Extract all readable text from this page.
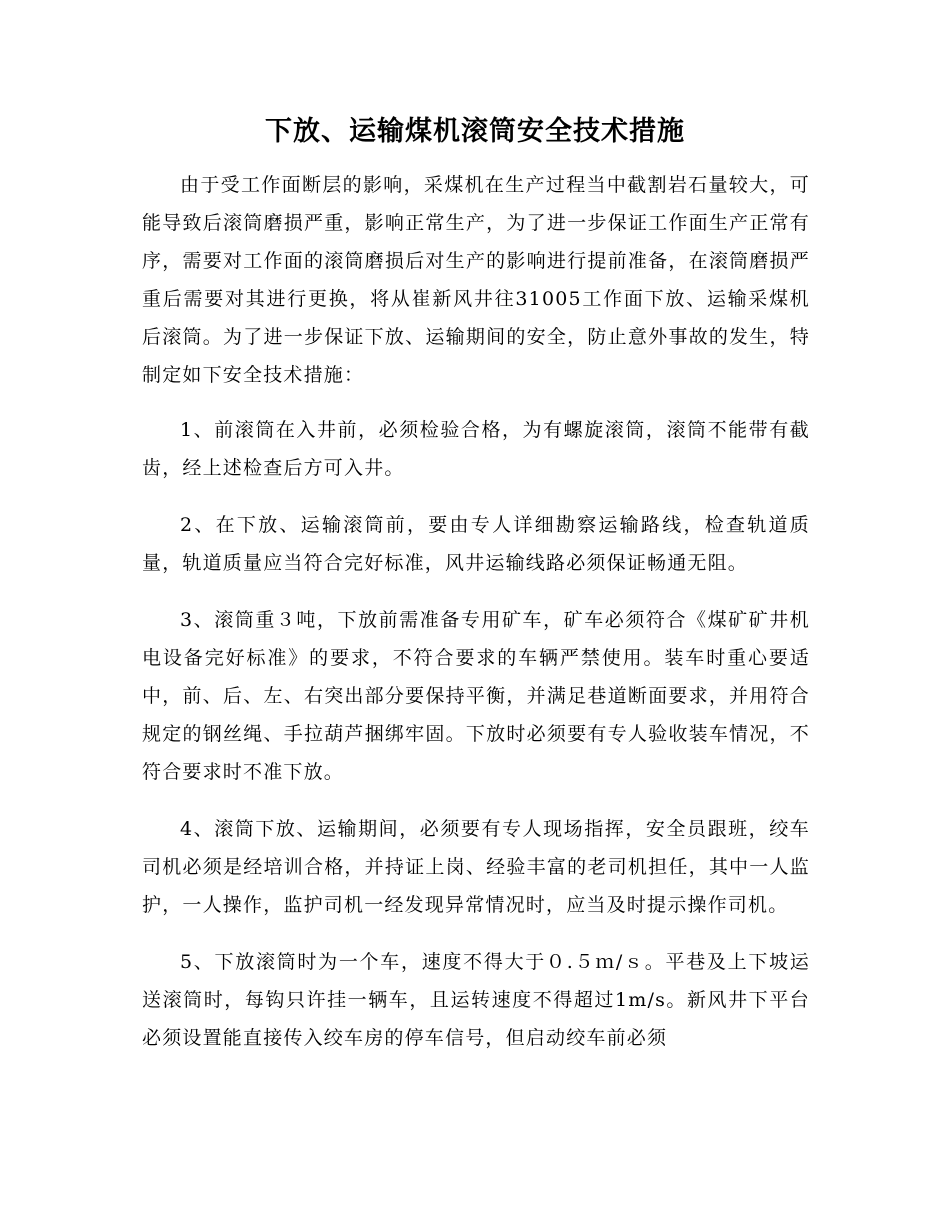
下放、运输煤机滚筒安全技术措施

由于受工作面断层的影响，采煤机在生产过程当中截割岩石量较大，可能导致后滚筒磨损严重，影响正常生产，为了进一步保证工作面生产正常有序，需要对工作面的滚筒磨损后对生产的影响进行提前准备，在滚筒磨损严重后需要对其进行更换，将从崔新风井往31005工作面下放、运输采煤机后滚筒。为了进一步保证下放、运输期间的安全，防止意外事故的发生，特制定如下安全技术措施：

1、前滚筒在入井前，必须检验合格，为有螺旋滚筒，滚筒不能带有截齿，经上述检查后方可入井。

2、在下放、运输滚筒前，要由专人详细勘察运输路线，检查轨道质量，轨道质量应当符合完好标准，风井运输线路必须保证畅通无阻。

3、滚筒重３吨，下放前需准备专用矿车，矿车必须符合《煤矿矿井机电设备完好标准》的要求，不符合要求的车辆严禁使用。装车时重心要适中，前、后、左、右突出部分要保持平衡，并满足巷道断面要求，并用符合规定的钢丝绳、手拉葫芦捆绑牢固。下放时必须要有专人验收装车情况，不符合要求时不准下放。

4、滚筒下放、运输期间，必须要有专人现场指挥，安全员跟班，绞车司机必须是经培训合格，并持证上岗、经验丰富的老司机担任，其中一人监护，一人操作，监护司机一经发现异常情况时，应当及时提示操作司机。

5、下放滚筒时为一个车，速度不得大于０.５ｍ/ｓ。平巷及上下坡运送滚筒时，每钩只许挂一辆车，且运转速度不得超过1m/s。新风井下平台必须设置能直接传入绞车房的停车信号，但启动绞车前必须
